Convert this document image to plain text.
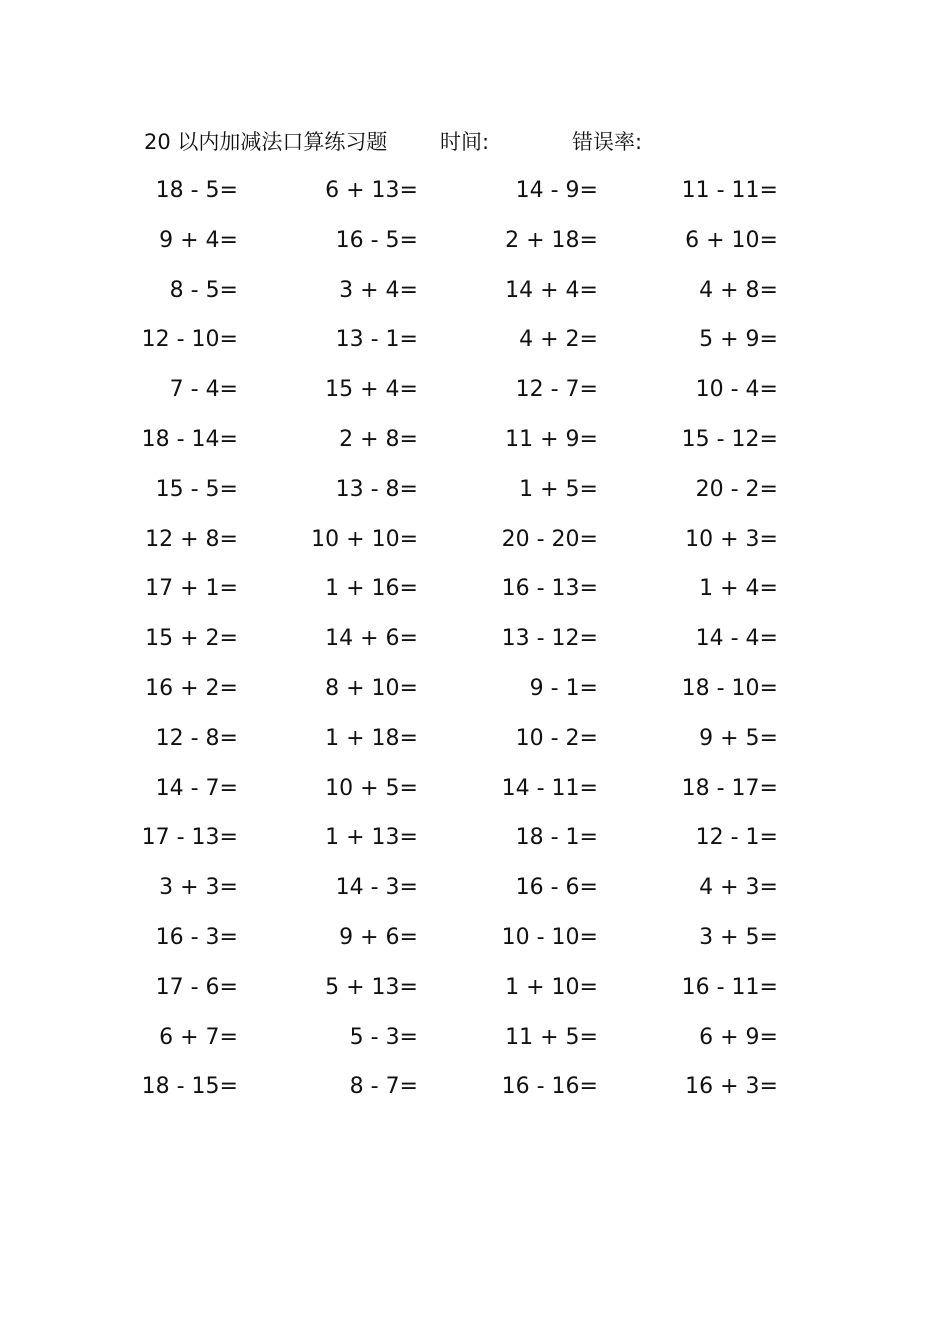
20 以内加减法口算练习题	时间:	错误率:
18 - 5=	6 + 13=	14 - 9=	11 - 11=
9 + 4=	16 - 5=	2 + 18=	6 + 10=
8 - 5=	3 + 4=	14 + 4=	4 + 8=
12 - 10=	13 - 1=	4 + 2=	5 + 9=
7 - 4=	15 + 4=	12 - 7=	10 - 4=
18 - 14=	2 + 8=	11 + 9=	15 - 12=
15 - 5=	13 - 8=	1 + 5=	20 - 2=
12 + 8=	10 + 10=	20 - 20=	10 + 3=
17 + 1=	1 + 16=	16 - 13=	1 + 4=
15 + 2=	14 + 6=	13 - 12=	14 - 4=
16 + 2=	8 + 10=	9 - 1=	18 - 10=
12 - 8=	1 + 18=	10 - 2=	9 + 5=
14 - 7=	10 + 5=	14 - 11=	18 - 17=
17 - 13=	1 + 13=	18 - 1=	12 - 1=
3 + 3=	14 - 3=	16 - 6=	4 + 3=
16 - 3=	9 + 6=	10 - 10=	3 + 5=
17 - 6=	5 + 13=	1 + 10=	16 - 11=
6 + 7=	5 - 3=	11 + 5=	6 + 9=
18 - 15=	8 - 7=	16 - 16=	16 + 3=
